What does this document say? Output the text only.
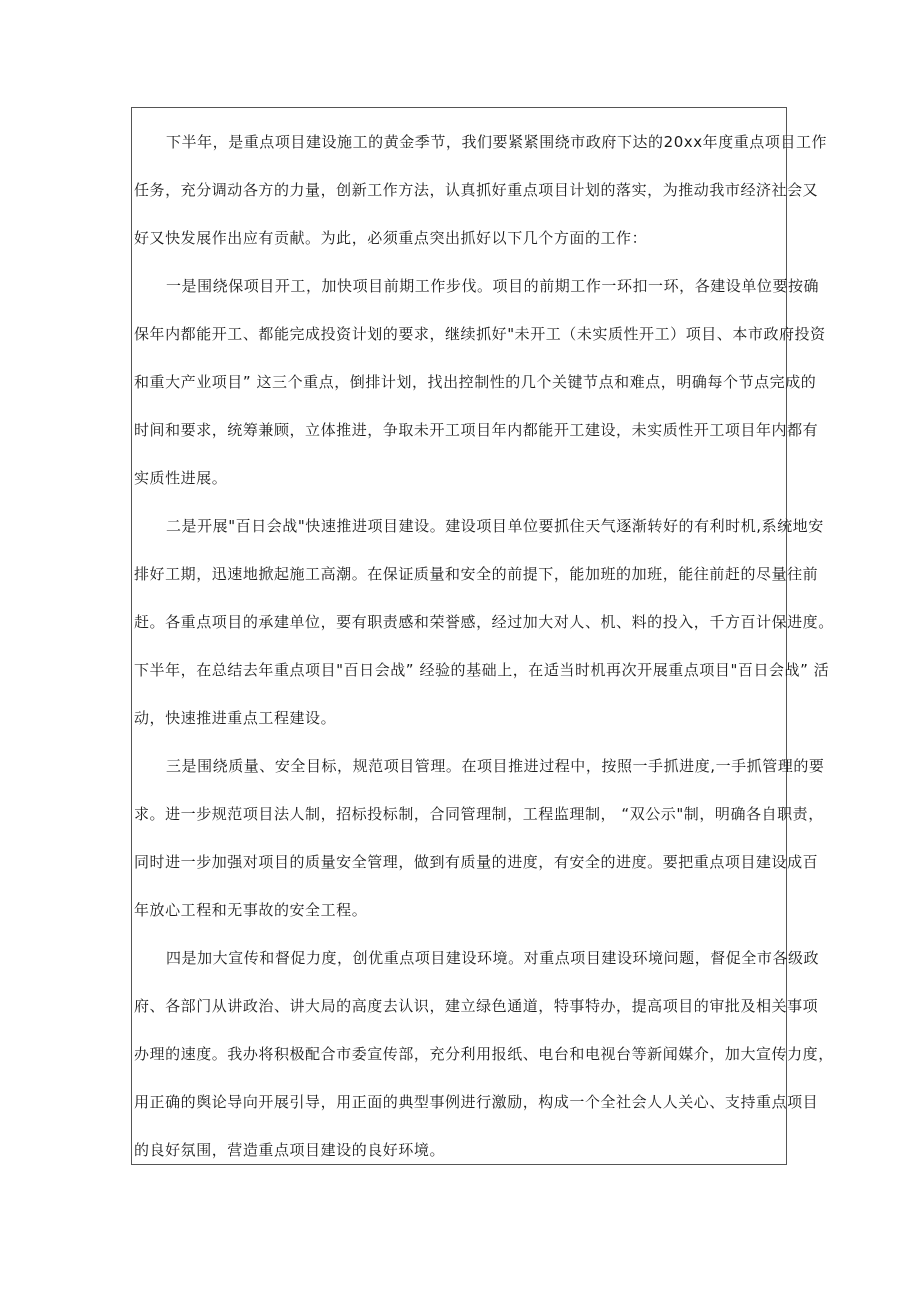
下半年，是重点项目建设施工的黄金季节，我们要紧紧围绕市政府下达的20xx年度重点项目工作
任务，充分调动各方的力量，创新工作方法，认真抓好重点项目计划的落实，为推动我市经济社会又
好又快发展作出应有贡献。为此，必须重点突出抓好以下几个方面的工作：

一是围绕保项目开工，加快项目前期工作步伐。项目的前期工作一环扣一环，各建设单位要按确
保年内都能开工、都能完成投资计划的要求，继续抓好"未开工（未实质性开工）项目、本市政府投资
和重大产业项目” 这三个重点，倒排计划，找出控制性的几个关键节点和难点，明确每个节点完成的
时间和要求，统筹兼顾，立体推进，争取未开工项目年内都能开工建设，未实质性开工项目年内都有
实质性进展。

二是开展"百日会战"快速推进项目建设。建设项目单位要抓住天气逐渐转好的有利时机,系统地安
排好工期，迅速地掀起施工高潮。在保证质量和安全的前提下，能加班的加班，能往前赶的尽量往前
赶。各重点项目的承建单位，要有职责感和荣誉感，经过加大对人、机、料的投入，千方百计保进度。
下半年，在总结去年重点项目"百日会战” 经验的基础上，在适当时机再次开展重点项目"百日会战” 活
动，快速推进重点工程建设。

三是围绕质量、安全目标，规范项目管理。在项目推进过程中，按照一手抓进度,一手抓管理的要
求。进一步规范项目法人制，招标投标制，合同管理制，工程监理制， “双公示"制，明确各自职责，
同时进一步加强对项目的质量安全管理，做到有质量的进度，有安全的进度。要把重点项目建设成百
年放心工程和无事故的安全工程。

四是加大宣传和督促力度，创优重点项目建设环境。对重点项目建设环境问题，督促全市各级政
府、各部门从讲政治、讲大局的高度去认识，建立绿色通道，特事特办，提高项目的审批及相关事项
办理的速度。我办将积极配合市委宣传部，充分利用报纸、电台和电视台等新闻媒介，加大宣传力度，
用正确的舆论导向开展引导，用正面的典型事例进行激励，构成一个全社会人人关心、支持重点项目
的良好氛围，营造重点项目建设的良好环境。
